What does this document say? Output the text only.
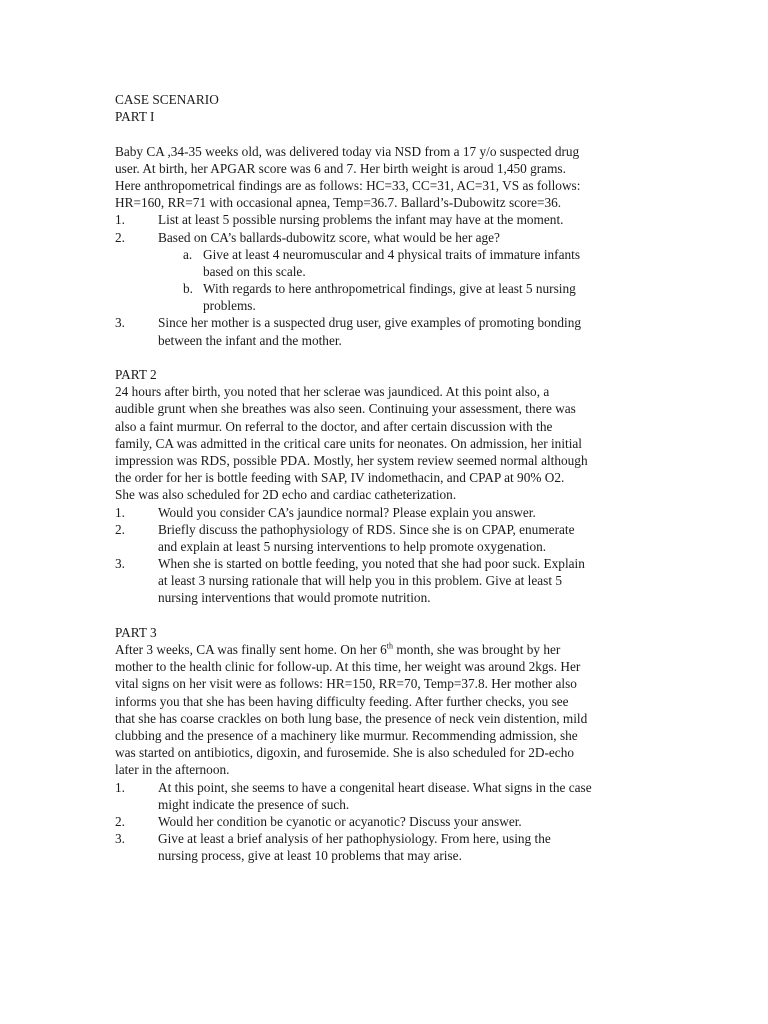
CASE SCENARIO
PART I
Baby CA ,34-35 weeks old, was delivered today via NSD from a 17 y/o suspected drug
user. At birth, her APGAR score was 6 and 7. Her birth weight is aroud 1,450 grams.
Here anthropometrical findings are as follows: HC=33, CC=31, AC=31, VS as follows:
HR=160, RR=71 with occasional apnea, Temp=36.7. Ballard’s-Dubowitz score=36.
1.	List at least 5 possible nursing problems the infant may have at the moment.
2.	Based on CA’s ballards-dubowitz score, what would be her age?
a. Give at least 4 neuromuscular and 4 physical traits of immature infants
based on this scale.
b. With regards to here anthropometrical findings, give at least 5 nursing
problems.
3.	Since her mother is a suspected drug user, give examples of promoting bonding
between the infant and the mother.
PART 2
24 hours after birth, you noted that her sclerae was jaundiced. At this point also, a
audible grunt when she breathes was also seen. Continuing your assessment, there was
also a faint murmur. On referral to the doctor, and after certain discussion with the
family, CA was admitted in the critical care units for neonates. On admission, her initial
impression was RDS, possible PDA. Mostly, her system review seemed normal although
the order for her is bottle feeding with SAP, IV indomethacin, and CPAP at 90% O2.
She was also scheduled for 2D echo and cardiac catheterization.
1.	Would you consider CA’s jaundice normal? Please explain you answer.
2.	Briefly discuss the pathophysiology of RDS. Since she is on CPAP, enumerate
and explain at least 5 nursing interventions to help promote oxygenation.
3.	When she is started on bottle feeding, you noted that she had poor suck. Explain
at least 3 nursing rationale that will help you in this problem. Give at least 5
nursing interventions that would promote nutrition.
PART 3
After 3 weeks, CA was finally sent home. On her 6th month, she was brought by her
mother to the health clinic for follow-up. At this time, her weight was around 2kgs. Her
vital signs on her visit were as follows: HR=150, RR=70, Temp=37.8. Her mother also
informs you that she has been having difficulty feeding. After further checks, you see
that she has coarse crackles on both lung base, the presence of neck vein distention, mild
clubbing and the presence of a machinery like murmur. Recommending admission, she
was started on antibiotics, digoxin, and furosemide. She is also scheduled for 2D-echo
later in the afternoon.
1.	At this point, she seems to have a congenital heart disease. What signs in the case
might indicate the presence of such.
2.	Would her condition be cyanotic or acyanotic? Discuss your answer.
3.	Give at least a brief analysis of her pathophysiology. From here, using the
nursing process, give at least 10 problems that may arise.
